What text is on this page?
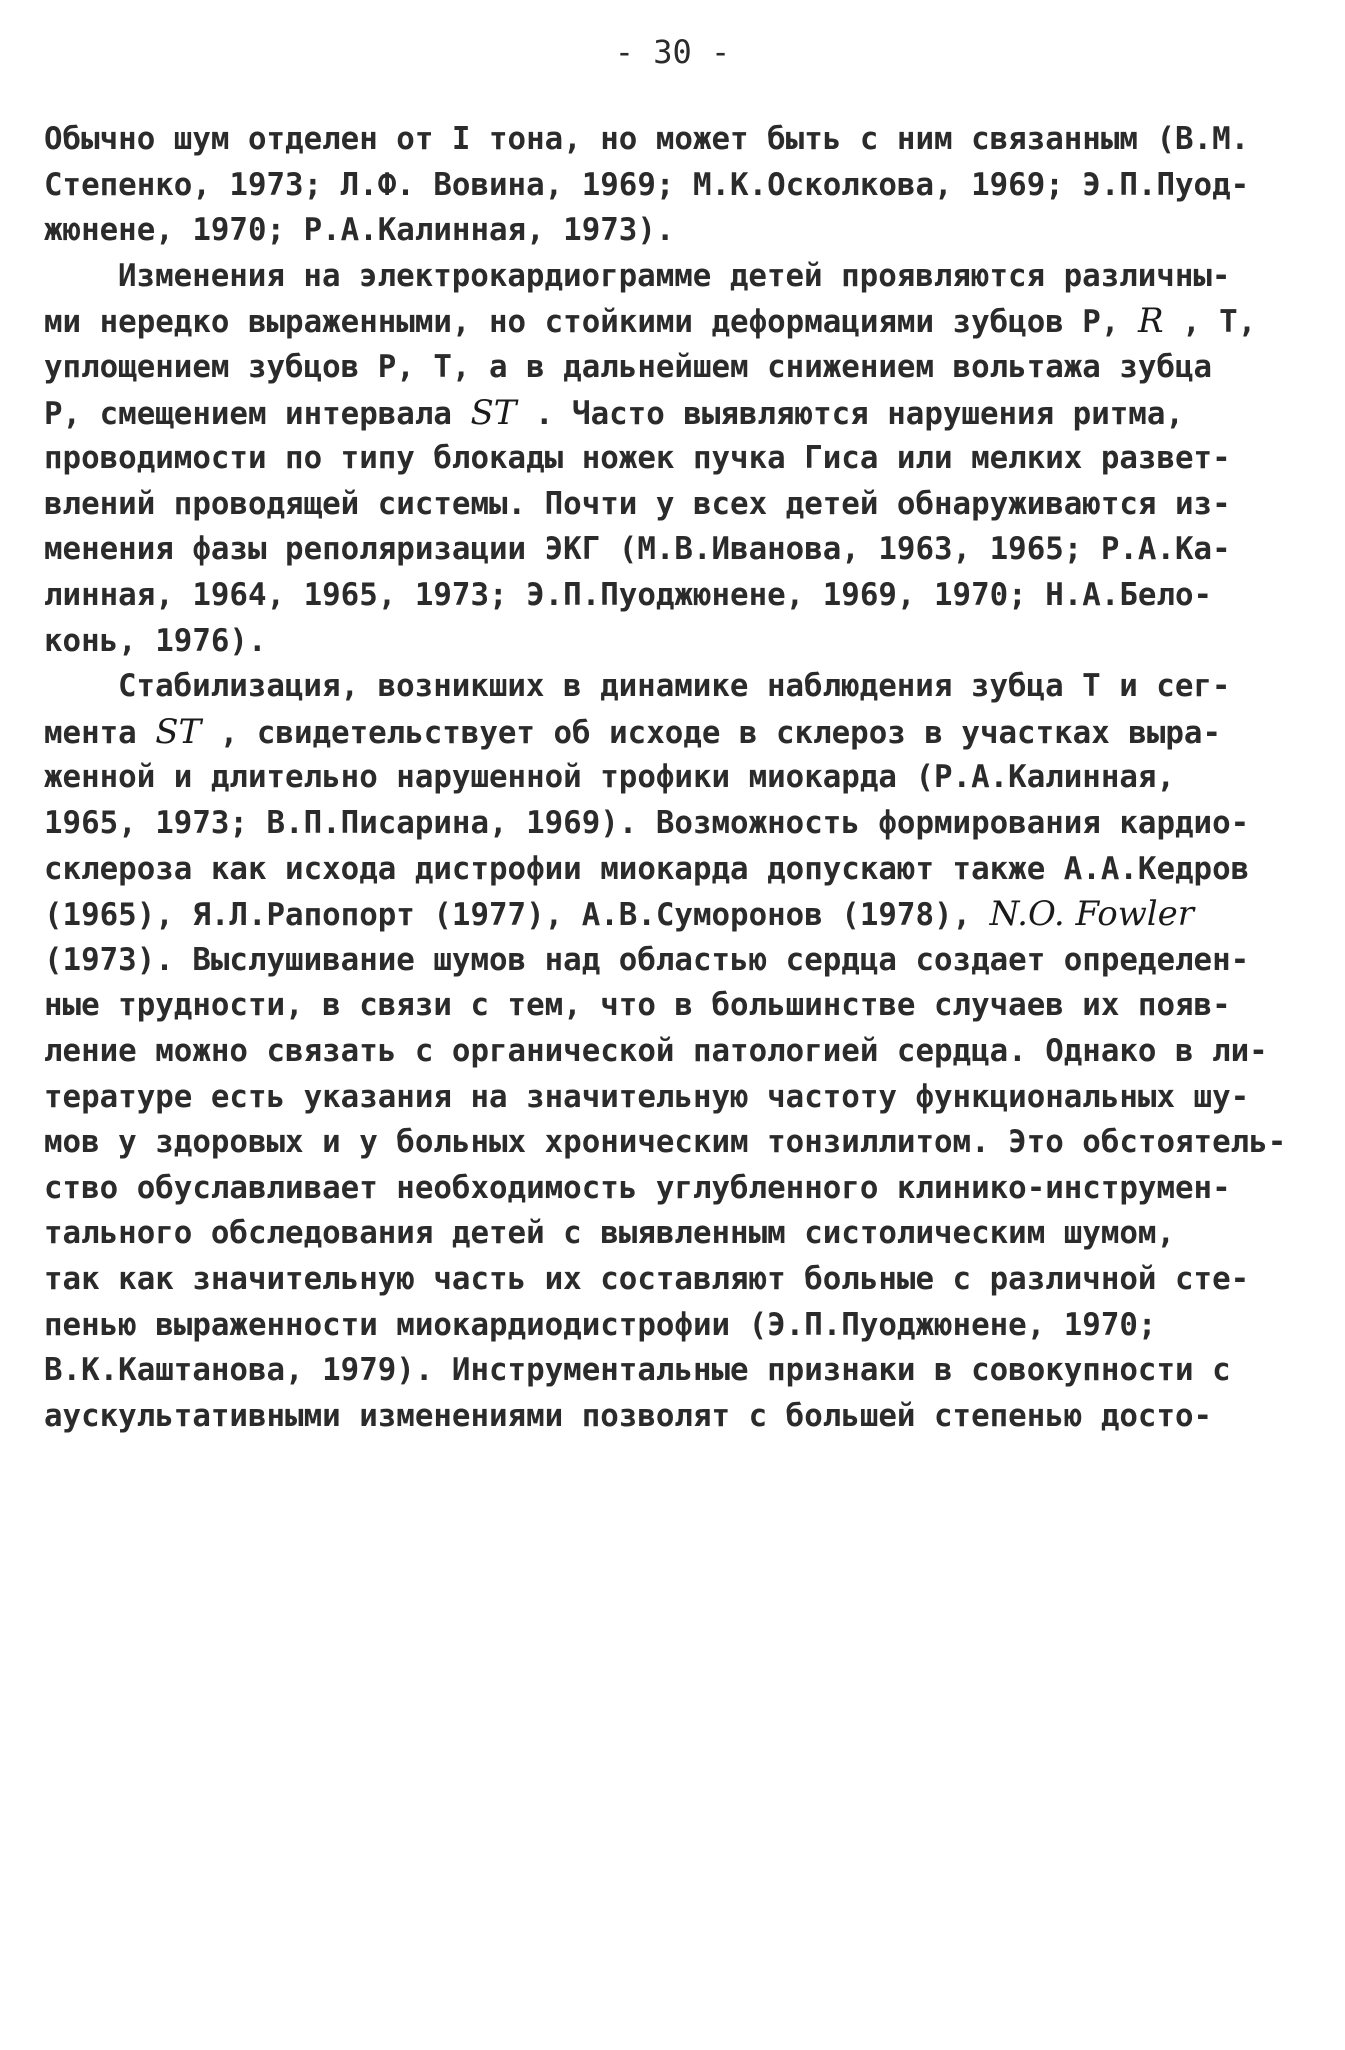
- 30 -
Обычно шум отделен от I тона, но может быть с ним связанным (В.М.
Степенко, 1973; Л.Ф. Вовина, 1969; М.К.Осколкова, 1969; Э.П.Пуод-
жюнене, 1970; Р.А.Калинная, 1973).
Изменения на электрокардиограмме детей проявляются различны-
ми нередко выраженными, но стойкими деформациями зубцов P, R , T,
уплощением зубцов P, T, а в дальнейшем снижением вольтажа зубца
P, смещением интервала ST . Часто выявляются нарушения ритма,
проводимости по типу блокады ножек пучка Гиса или мелких развет-
влений проводящей системы. Почти у всех детей обнаруживаются из-
менения фазы реполяризации ЭКГ (М.В.Иванова, 1963, 1965; Р.А.Ка-
линная, 1964, 1965, 1973; Э.П.Пуоджюнене, 1969, 1970; Н.А.Бело-
конь, 1976).
Стабилизация, возникших в динамике наблюдения зубца T и сег-
мента ST , свидетельствует об исходе в склероз в участках выра-
женной и длительно нарушенной трофики миокарда (Р.А.Калинная,
1965, 1973; В.П.Писарина, 1969). Возможность формирования кардио-
склероза как исхода дистрофии миокарда допускают также А.А.Кедров
(1965), Я.Л.Рапопорт (1977), А.В.Суморонов (1978), N.O. Fowler
(1973). Выслушивание шумов над областью сердца создает определен-
ные трудности, в связи с тем, что в большинстве случаев их появ-
ление можно связать с органической патологией сердца. Однако в ли-
тературе есть указания на значительную частоту функциональных шу-
мов у здоровых и у больных хроническим тонзиллитом. Это обстоятель-
ство обуславливает необходимость углубленного клинико-инструмен-
тального обследования детей с выявленным систолическим шумом,
так как значительную часть их составляют больные с различной сте-
пенью выраженности миокардиодистрофии (Э.П.Пуоджюнене, 1970;
В.К.Каштанова, 1979). Инструментальные признаки в совокупности с
аускультативными изменениями позволят с большей степенью досто-
